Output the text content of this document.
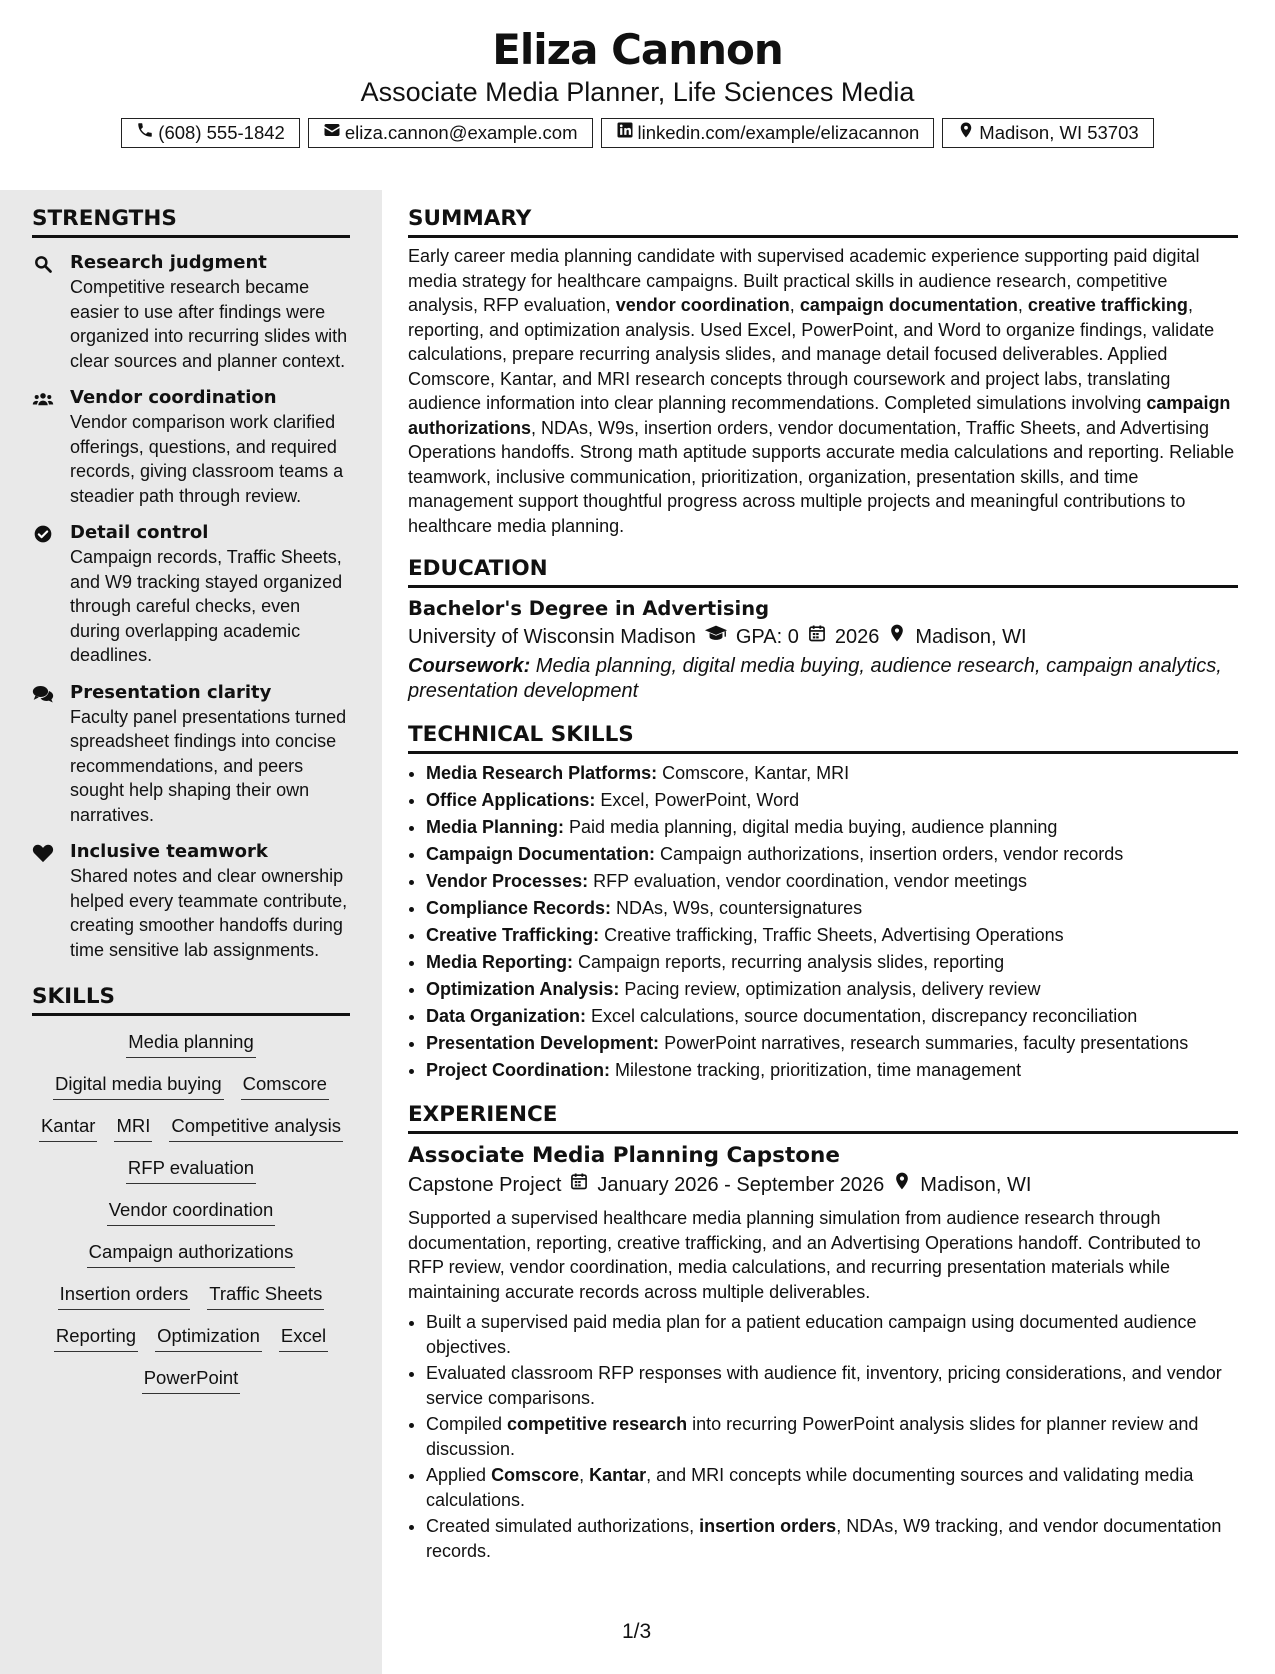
Eliza Cannon
Associate Media Planner, Life Sciences Media
(608) 555-1842	eliza.cannon@example.com	linkedin.com/example/elizacannon	Madison, WI 53703
STRENGTHS
Research judgment
Competitive research became easier to use after findings were organized into recurring slides with clear sources and planner context.
Vendor coordination
Vendor comparison work clarified offerings, questions, and required records, giving classroom teams a steadier path through review.
Detail control
Campaign records, Traffic Sheets, and W9 tracking stayed organized through careful checks, even during overlapping academic deadlines.
Presentation clarity
Faculty panel presentations turned spreadsheet findings into concise recommendations, and peers sought help shaping their own narratives.
Inclusive teamwork
Shared notes and clear ownership helped every teammate contribute, creating smoother handoffs during time sensitive lab assignments.
SKILLS
Media planning
Digital media buying Comscore
Kantar MRI Competitive analysis
RFP evaluation
Vendor coordination
Campaign authorizations
Insertion orders Traffic Sheets
Reporting Optimization Excel
PowerPoint
SUMMARY
Early career media planning candidate with supervised academic experience supporting paid digital media strategy for healthcare campaigns. Built practical skills in audience research, competitive analysis, RFP evaluation, vendor coordination, campaign documentation, creative trafficking, reporting, and optimization analysis. Used Excel, PowerPoint, and Word to organize findings, validate calculations, prepare recurring analysis slides, and manage detail focused deliverables. Applied Comscore, Kantar, and MRI research concepts through coursework and project labs, translating audience information into clear planning recommendations. Completed simulations involving campaign authorizations, NDAs, W9s, insertion orders, vendor documentation, Traffic Sheets, and Advertising Operations handoffs. Strong math aptitude supports accurate media calculations and reporting. Reliable teamwork, inclusive communication, prioritization, organization, presentation skills, and time management support thoughtful progress across multiple projects and meaningful contributions to healthcare media planning.
EDUCATION
Bachelor's Degree in Advertising
University of Wisconsin Madison GPA: 0 2026 Madison, WI
Coursework: Media planning, digital media buying, audience research, campaign analytics, presentation development
TECHNICAL SKILLS
• Media Research Platforms: Comscore, Kantar, MRI
• Office Applications: Excel, PowerPoint, Word
• Media Planning: Paid media planning, digital media buying, audience planning
• Campaign Documentation: Campaign authorizations, insertion orders, vendor records
• Vendor Processes: RFP evaluation, vendor coordination, vendor meetings
• Compliance Records: NDAs, W9s, countersignatures
• Creative Trafficking: Creative trafficking, Traffic Sheets, Advertising Operations
• Media Reporting: Campaign reports, recurring analysis slides, reporting
• Optimization Analysis: Pacing review, optimization analysis, delivery review
• Data Organization: Excel calculations, source documentation, discrepancy reconciliation
• Presentation Development: PowerPoint narratives, research summaries, faculty presentations
• Project Coordination: Milestone tracking, prioritization, time management
EXPERIENCE
Associate Media Planning Capstone
Capstone Project January 2026 - September 2026 Madison, WI
Supported a supervised healthcare media planning simulation from audience research through documentation, reporting, creative trafficking, and an Advertising Operations handoff. Contributed to RFP review, vendor coordination, media calculations, and recurring presentation materials while maintaining accurate records across multiple deliverables.
• Built a supervised paid media plan for a patient education campaign using documented audience objectives.
• Evaluated classroom RFP responses with audience fit, inventory, pricing considerations, and vendor service comparisons.
• Compiled competitive research into recurring PowerPoint analysis slides for planner review and discussion.
• Applied Comscore, Kantar, and MRI concepts while documenting sources and validating media calculations.
• Created simulated authorizations, insertion orders, NDAs, W9 tracking, and vendor documentation records.
1/3
